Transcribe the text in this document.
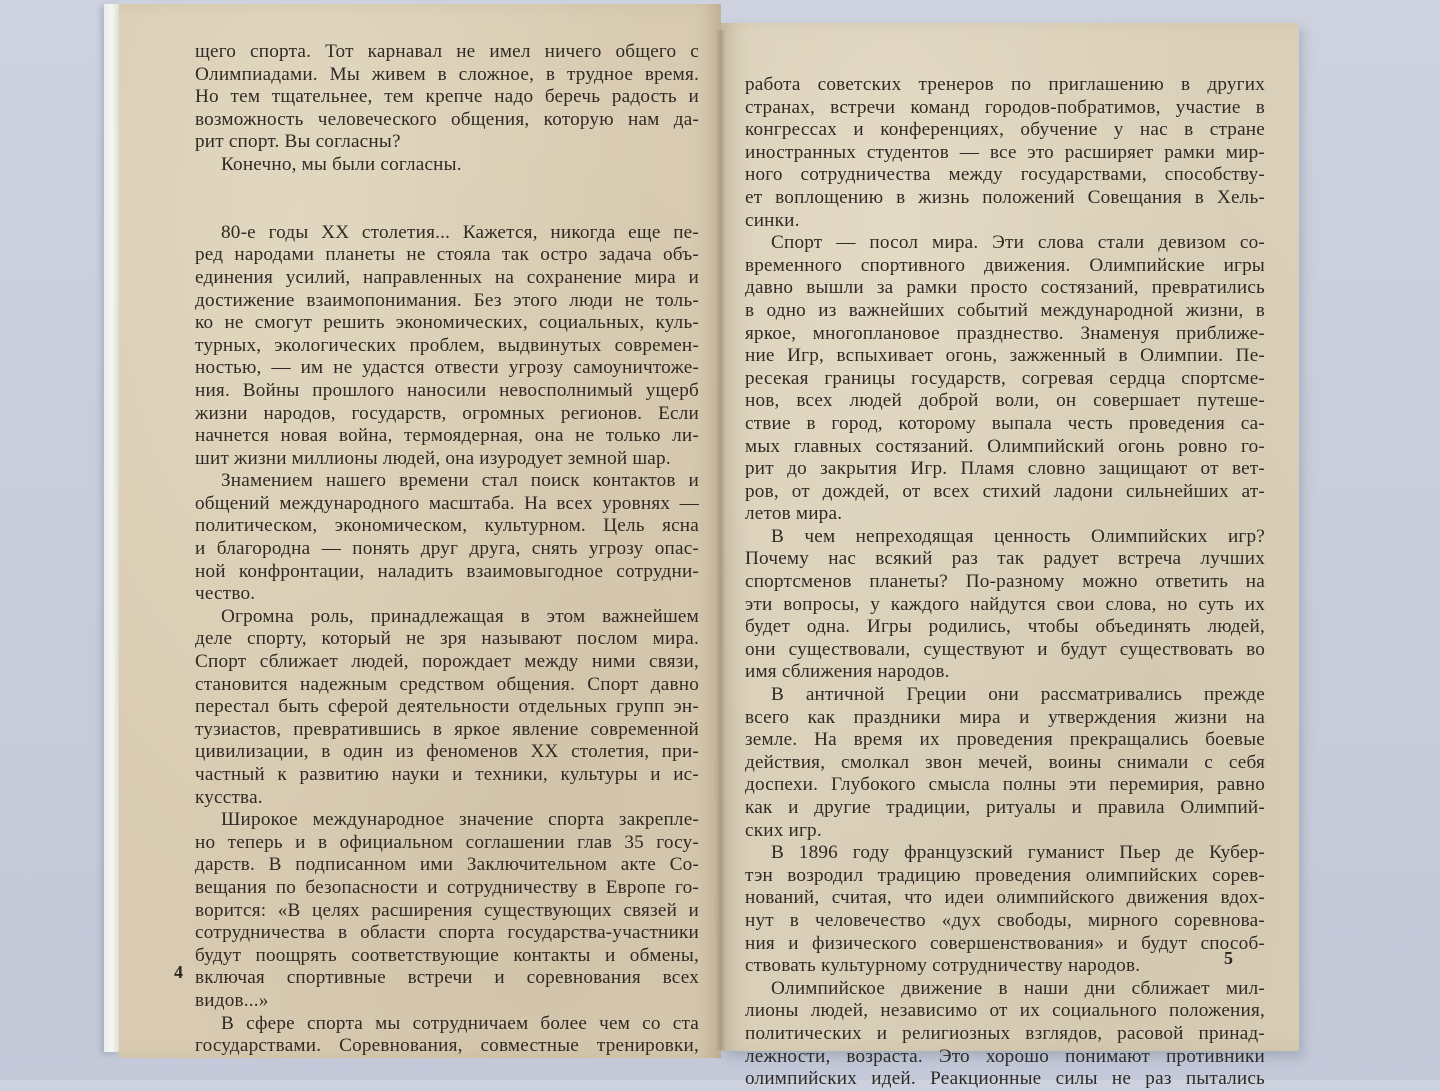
щего спорта. Тот карнавал не имел ничего общего с
Олимпиадами. Мы живем в сложное, в трудное время.
Но тем тщательнее, тем крепче надо беречь радость и
возможность человеческого общения, которую нам да-
рит спорт. Вы согласны?
Конечно, мы были согласны.

80-е годы XX столетия... Кажется, никогда еще пе-
ред народами планеты не стояла так остро задача объ-
единения усилий, направленных на сохранение мира и
достижение взаимопонимания. Без этого люди не толь-
ко не смогут решить экономических, социальных, куль-
турных, экологических проблем, выдвинутых современ-
ностью, — им не удастся отвести угрозу самоуничтоже-
ния. Войны прошлого наносили невосполнимый ущерб
жизни народов, государств, огромных регионов. Если
начнется новая война, термоядерная, она не только ли-
шит жизни миллионы людей, она изуродует земной шар.
Знамением нашего времени стал поиск контактов и
общений международного масштаба. На всех уровнях —
политическом, экономическом, культурном. Цель ясна
и благородна — понять друг друга, снять угрозу опас-
ной конфронтации, наладить взаимовыгодное сотрудни-
чество.
Огромна роль, принадлежащая в этом важнейшем
деле спорту, который не зря называют послом мира.
Спорт сближает людей, порождает между ними связи,
становится надежным средством общения. Спорт давно
перестал быть сферой деятельности отдельных групп эн-
тузиастов, превратившись в яркое явление современной
цивилизации, в один из феноменов XX столетия, при-
частный к развитию науки и техники, культуры и ис-
кусства.
Широкое международное значение спорта закрепле-
но теперь и в официальном соглашении глав 35 госу-
дарств. В подписанном ими Заключительном акте Со-
вещания по безопасности и сотрудничеству в Европе го-
ворится: «В целях расширения существующих связей и
сотрудничества в области спорта государства-участники
будут поощрять соответствующие контакты и обмены,
включая спортивные встречи и соревнования всех
видов...»
В сфере спорта мы сотрудничаем более чем со ста
государствами. Соревнования, совместные тренировки,
4
работа советских тренеров по приглашению в других
странах, встречи команд городов-побратимов, участие в
конгрессах и конференциях, обучение у нас в стране
иностранных студентов — все это расширяет рамки мир-
ного сотрудничества между государствами, способству-
ет воплощению в жизнь положений Совещания в Хель-
синки.
Спорт — посол мира. Эти слова стали девизом со-
временного спортивного движения. Олимпийские игры
давно вышли за рамки просто состязаний, превратились
в одно из важнейших событий международной жизни, в
яркое, многоплановое празднество. Знаменуя приближе-
ние Игр, вспыхивает огонь, зажженный в Олимпии. Пе-
ресекая границы государств, согревая сердца спортсме-
нов, всех людей доброй воли, он совершает путеше-
ствие в город, которому выпала честь проведения са-
мых главных состязаний. Олимпийский огонь ровно го-
рит до закрытия Игр. Пламя словно защищают от вет-
ров, от дождей, от всех стихий ладони сильнейших ат-
летов мира.
В чем непреходящая ценность Олимпийских игр?
Почему нас всякий раз так радует встреча лучших
спортсменов планеты? По-разному можно ответить на
эти вопросы, у каждого найдутся свои слова, но суть их
будет одна. Игры родились, чтобы объединять людей,
они существовали, существуют и будут существовать во
имя сближения народов.
В античной Греции они рассматривались прежде
всего как праздники мира и утверждения жизни на
земле. На время их проведения прекращались боевые
действия, смолкал звон мечей, воины снимали с себя
доспехи. Глубокого смысла полны эти перемирия, равно
как и другие традиции, ритуалы и правила Олимпий-
ских игр.
В 1896 году французский гуманист Пьер де Кубер-
тэн возродил традицию проведения олимпийских сорев-
нований, считая, что идеи олимпийского движения вдох-
нут в человечество «дух свободы, мирного соревнова-
ния и физического совершенствования» и будут способ-
ствовать культурному сотрудничеству народов.
Олимпийское движение в наши дни сближает мил-
лионы людей, независимо от их социального положения,
политических и религиозных взглядов, расовой принад-
лежности, возраста. Это хорошо понимают противники
олимпийских идей. Реакционные силы не раз пытались
5
